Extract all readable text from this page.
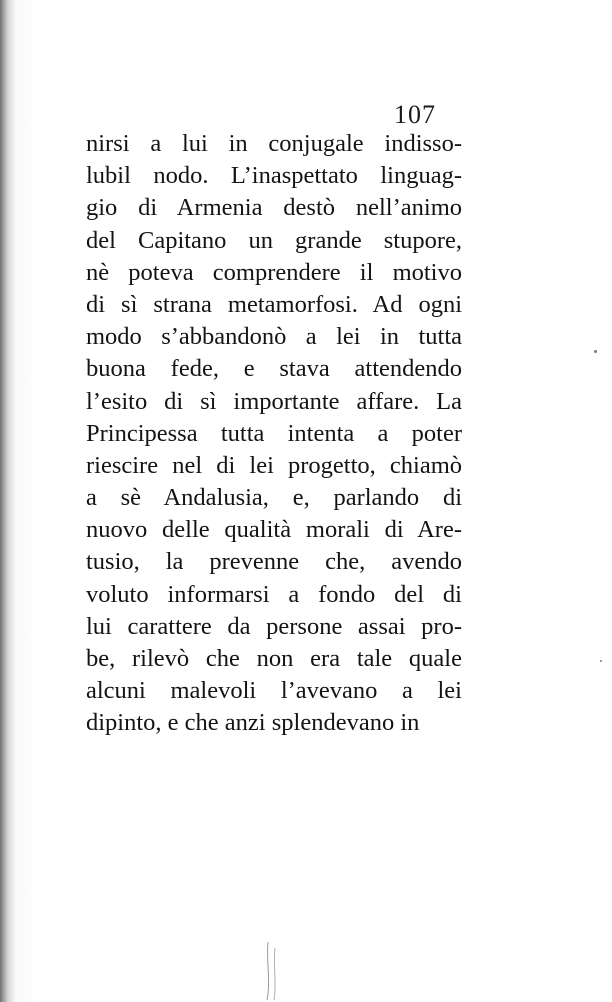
107
nirsi a lui in conjugale indisso-
lubil nodo. L’inaspettato linguag-
gio di Armenia destò nell’animo
del Capitano un grande stupore,
nè poteva comprendere il motivo
di sì strana metamorfosi. Ad ogni
modo s’abbandonò a lei in tutta
buona fede, e stava attendendo
l’esito di sì importante affare. La
Principessa tutta intenta a poter
riescire nel di lei progetto, chiamò
a sè Andalusia, e, parlando di
nuovo delle qualità morali di Are-
tusio, la prevenne che, avendo
voluto informarsi a fondo del di
lui carattere da persone assai pro-
be, rilevò che non era tale quale
alcuni malevoli l’avevano a lei
dipinto, e che anzi splendevano in
